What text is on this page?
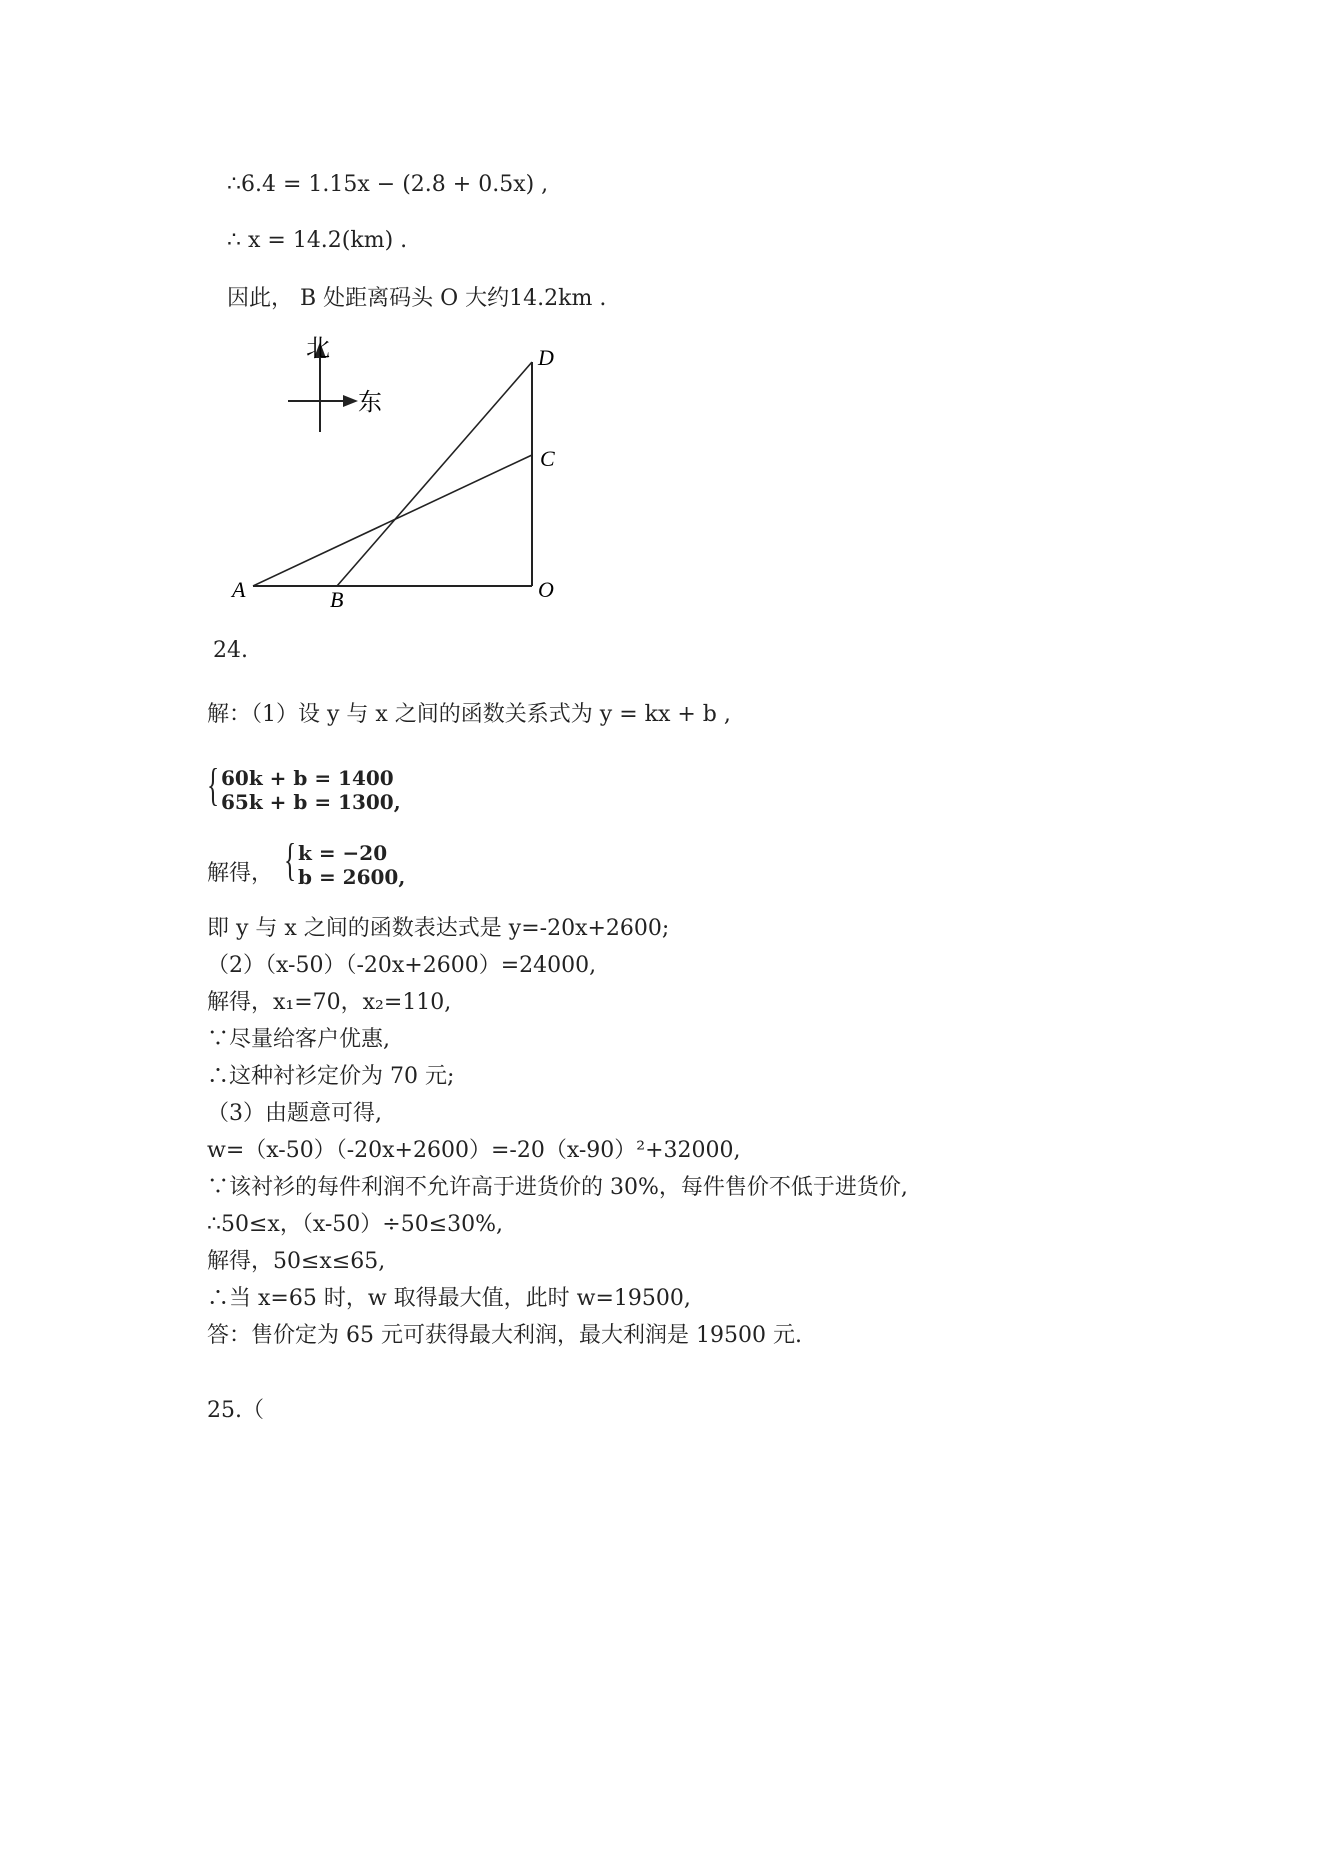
∴6.4 = 1.15x − (2.8 + 0.5x) ,
∴ x = 14.2(km) .
因此， B 处距离码头 O 大约14.2km .
北
东
D
C
A	B	O
24.
解：（1）设 y 与 x 之间的函数关系式为 y = kx + b ,
{ 60k + b = 1400
65k + b = 1300,
解得， { k = −20
b = 2600,
即 y 与 x 之间的函数表达式是 y=-20x+2600;
（2）（x-50）（-20x+2600）=24000,
解得，x₁=70，x₂=110,
∵尽量给客户优惠,
∴这种衬衫定价为 70 元;
（3）由题意可得,
w=（x-50）（-20x+2600）=-20（x-90）²+32000,
∵该衬衫的每件利润不允许高于进货价的 30%，每件售价不低于进货价,
∴50≤x，（x-50）÷50≤30%,
解得，50≤x≤65,
∴当 x=65 时，w 取得最大值，此时 w=19500,
答：售价定为 65 元可获得最大利润，最大利润是 19500 元.
25.（
